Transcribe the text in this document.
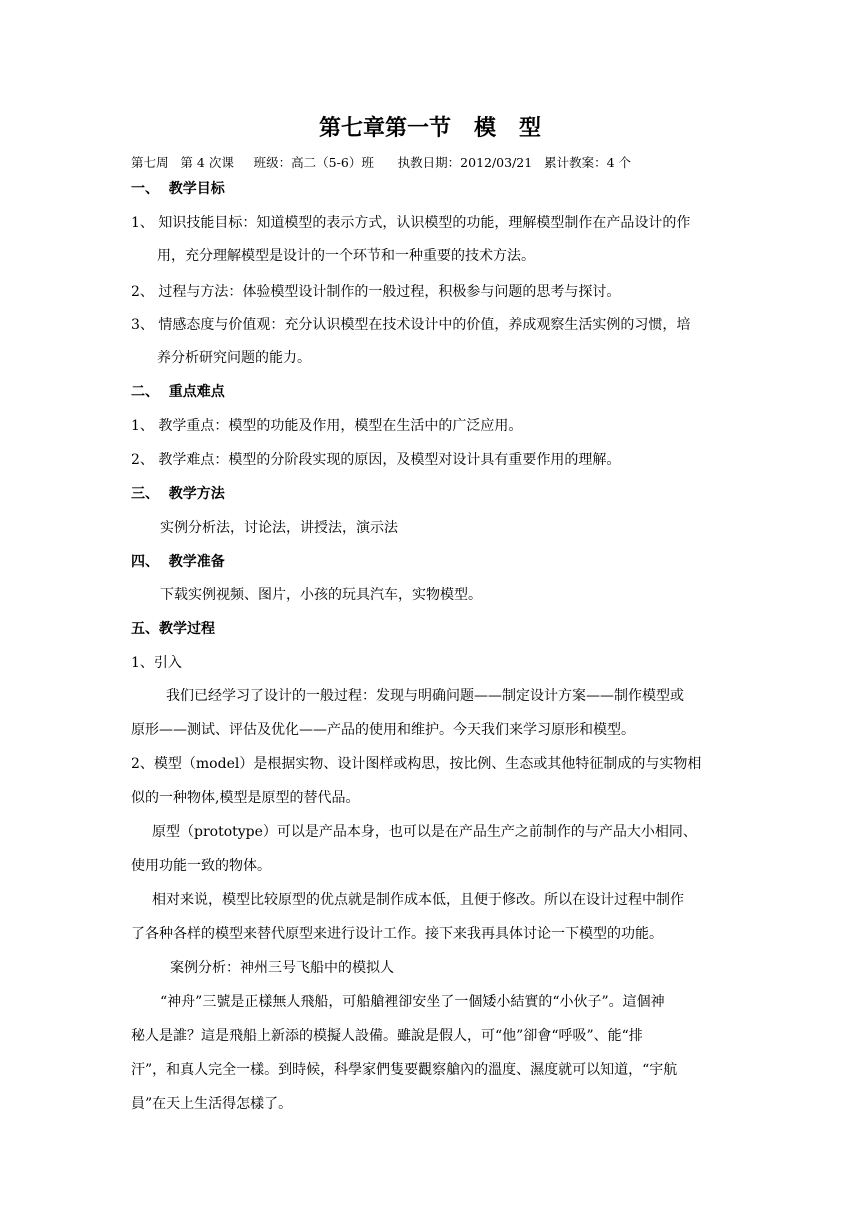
第七章第一节   模   型
第七周   第 4 次课     班级：高二（5-6）班      执教日期：2012/03/21   累计教案：4 个
一、  教学目标
1、 知识技能目标：知道模型的表示方式，认识模型的功能，理解模型制作在产品设计的作
用，充分理解模型是设计的一个环节和一种重要的技术方法。
2、 过程与方法：体验模型设计制作的一般过程，积极参与问题的思考与探讨。
3、 情感态度与价值观：充分认识模型在技术设计中的价值，养成观察生活实例的习惯，培
养分析研究问题的能力。
二、  重点难点
1、 教学重点：模型的功能及作用，模型在生活中的广泛应用。
2、 教学难点：模型的分阶段实现的原因，及模型对设计具有重要作用的理解。
三、  教学方法
实例分析法，讨论法，讲授法，演示法
四、  教学准备
下载实例视频、图片，小孩的玩具汽车，实物模型。
五、教学过程
1、引入
我们已经学习了设计的一般过程：发现与明确问题——制定设计方案——制作模型或
原形——测试、评估及优化——产品的使用和维护。今天我们来学习原形和模型。
2、模型（model）是根据实物、设计图样或构思，按比例、生态或其他特征制成的与实物相
似的一种物体,模型是原型的替代品。
原型（prototype）可以是产品本身，也可以是在产品生产之前制作的与产品大小相同、
使用功能一致的物体。
相对来说，模型比较原型的优点就是制作成本低，且便于修改。所以在设计过程中制作
了各种各样的模型来替代原型来进行设计工作。接下来我再具体讨论一下模型的功能。
案例分析：神州三号飞船中的模拟人
“神舟”三號是正樣無人飛船，可船艙裡卻安坐了一個矮小結實的“小伙子”。這個神
秘人是誰？這是飛船上新添的模擬人設備。雖說是假人，可“他”卻會“呼吸”、能“排
汗”，和真人完全一樣。到時候，科學家們隻要觀察艙內的溫度、濕度就可以知道，“宇航
員”在天上生活得怎樣了。
